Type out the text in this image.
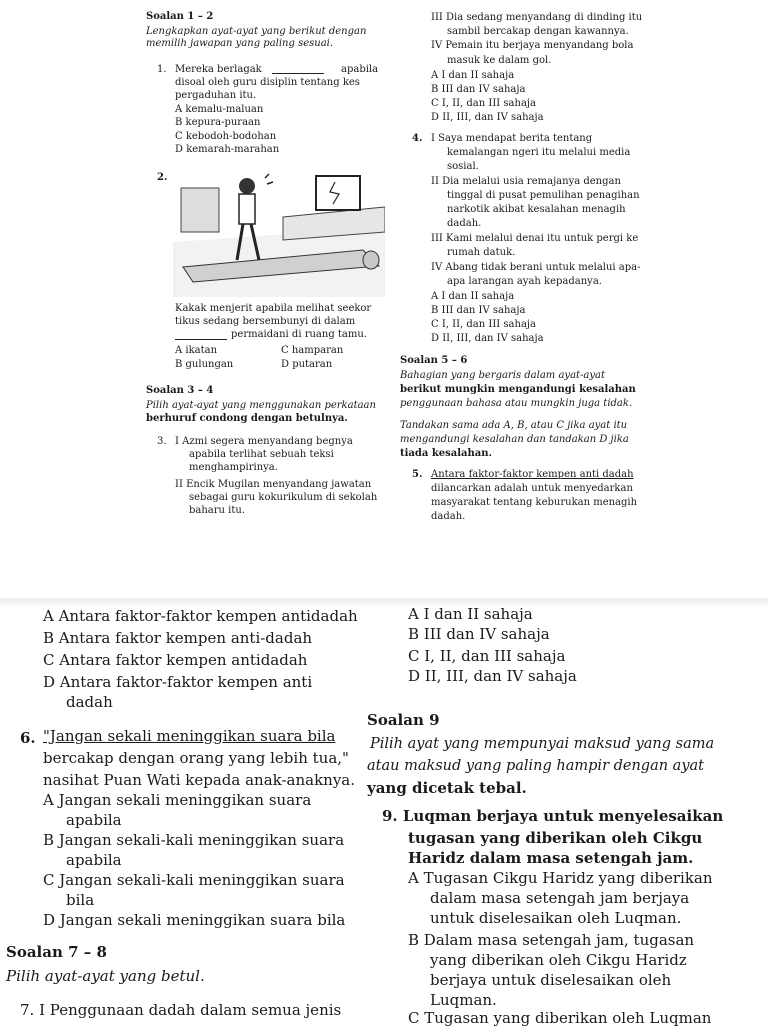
Soalan 1 – 2
Lengkapkan ayat-ayat yang berikut dengan
memilih jawapan yang paling sesuai.
1. Mereka berlagak	apabila
disoal oleh guru disiplin tentang kes
pergaduhan itu.
A kemalu-maluan
B kepura-puraan
C kebodoh-bodohan
D kemarah-marahan
2.
Kakak menjerit apabila melihat seekor
tikus sedang bersembunyi di dalam
permaidani di ruang tamu.
A ikatan	C hamparan
B gulungan	D putaran
Soalan 3 – 4
Pilih ayat-ayat yang menggunakan perkataan
berhuruf condong dengan betulnya.
3. I Azmi segera menyandang begnya
apabila terlihat sebuah teksi
menghampirinya.
II Encik Mugilan menyandang jawatan
sebagai guru kokurikulum di sekolah
baharu itu.
III Dia sedang menyandang di dinding itu
sambil bercakap dengan kawannya.
IV Pemain itu berjaya menyandang bola
masuk ke dalam gol.
A I dan II sahaja
B III dan IV sahaja
C I, II, dan III sahaja
D II, III, dan IV sahaja
4. I Saya mendapat berita tentang
kemalangan ngeri itu melalui media
sosial.
II Dia melalui usia remajanya dengan
tinggal di pusat pemulihan penagihan
narkotik akibat kesalahan menagih
dadah.
III Kami melalui denai itu untuk pergi ke
rumah datuk.
IV Abang tidak berani untuk melalui apa-
apa larangan ayah kepadanya.
A I dan II sahaja
B III dan IV sahaja
C I, II, dan III sahaja
D II, III, dan IV sahaja
Soalan 5 – 6
Bahagian yang bergaris dalam ayat-ayat
berikut mungkin mengandungi kesalahan
penggunaan bahasa atau mungkin juga tidak.
Tandakan sama ada A, B, atau C jika ayat itu
mengandungi kesalahan dan tandakan D jika
tiada kesalahan.
5. Antara faktor-faktor kempen anti dadah
dilancarkan adalah untuk menyedarkan
masyarakat tentang keburukan menagih
dadah.
A Antara faktor-faktor kempen antidadah
B Antara faktor kempen anti-dadah
C Antara faktor kempen antidadah
D Antara faktor-faktor kempen anti
dadah
6. "Jangan sekali meninggikan suara bila
bercakap dengan orang yang lebih tua,"
nasihat Puan Wati kepada anak-anaknya.
A Jangan sekali meninggikan suara
apabila
B Jangan sekali-kali meninggikan suara
apabila
C Jangan sekali-kali meninggikan suara
bila
D Jangan sekali meninggikan suara bila
Soalan 7 – 8
Pilih ayat-ayat yang betul.
7. I Penggunaan dadah dalam semua jenis
A I dan II sahaja
B III dan IV sahaja
C I, II, dan III sahaja
D II, III, dan IV sahaja
Soalan 9
Pilih ayat yang mempunyai maksud yang sama
atau maksud yang paling hampir dengan ayat
yang dicetak tebal.
9. Luqman berjaya untuk menyelesaikan
tugasan yang diberikan oleh Cikgu
Haridz dalam masa setengah jam.
A Tugasan Cikgu Haridz yang diberikan
dalam masa setengah jam berjaya
untuk diselesaikan oleh Luqman.
B Dalam masa setengah jam, tugasan
yang diberikan oleh Cikgu Haridz
berjaya untuk diselesaikan oleh
Luqman.
C Tugasan yang diberikan oleh Luqman
